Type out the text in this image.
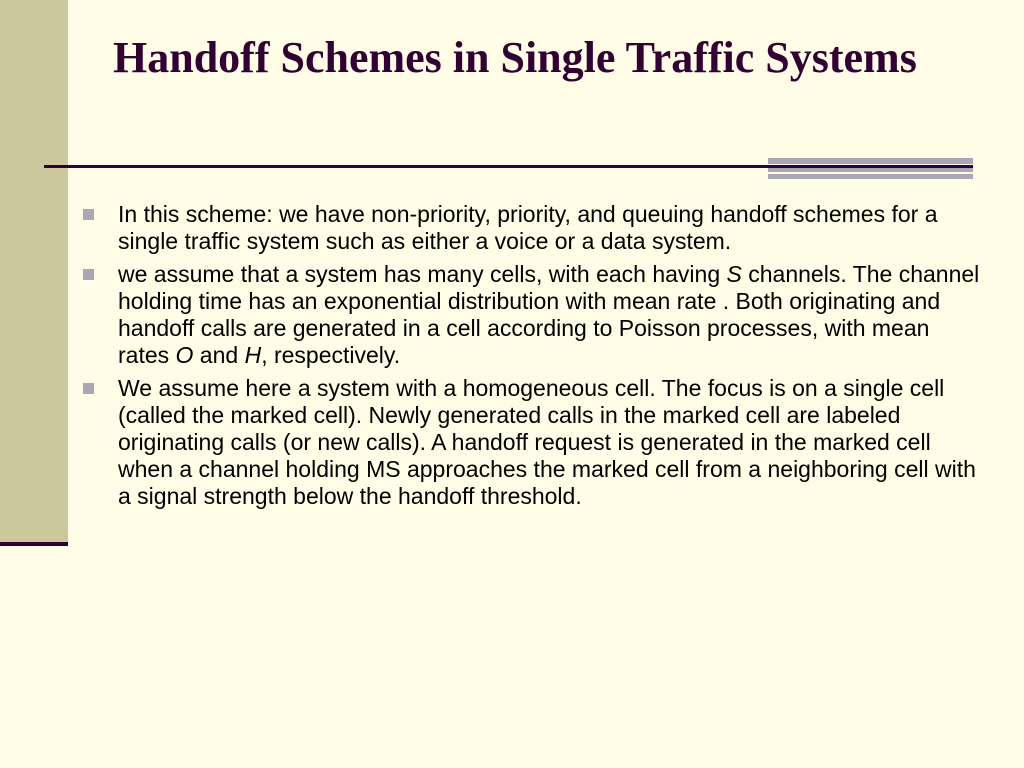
Handoff Schemes in Single Traffic Systems
In this scheme: we have non-priority, priority, and queuing handoff schemes for a single traffic system such as either a voice or a data system.
we assume that a system has many cells, with each having S channels. The channel holding time has an exponential distribution with mean rate . Both originating and handoff calls are generated in a cell according to Poisson processes, with mean rates O and H, respectively.
We assume here a system with a homogeneous cell. The focus is on a single cell (called the marked cell). Newly generated calls in the marked cell are labeled originating calls (or new calls). A handoff request is generated in the marked cell when a channel holding MS approaches the marked cell from a neighboring cell with a signal strength below the handoff threshold.
